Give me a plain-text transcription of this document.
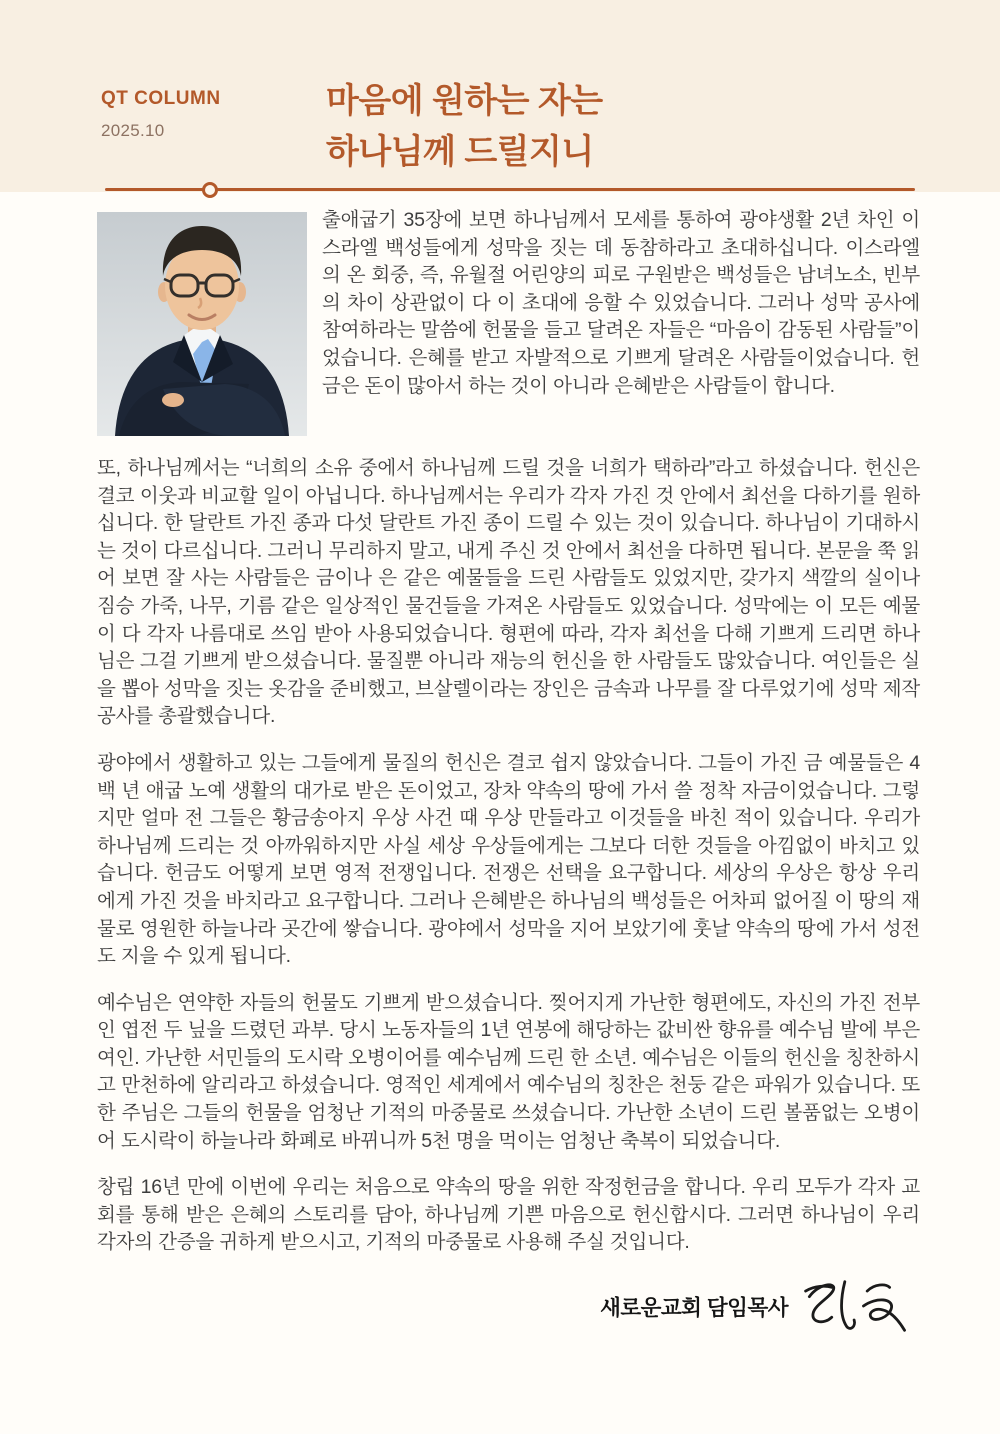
QT COLUMN
2025.10
마음에 원하는 자는
하나님께 드릴지니

출애굽기 35장에 보면 하나님께서 모세를 통하여 광야생활 2년 차인 이스라엘 백성들에게 성막을 짓는 데 동참하라고 초대하십니다. 이스라엘의 온 회중, 즉, 유월절 어린양의 피로 구원받은 백성들은 남녀노소, 빈부의 차이 상관없이 다 이 초대에 응할 수 있었습니다. 그러나 성막 공사에 참여하라는 말씀에 헌물을 들고 달려온 자들은 “마음이 감동된 사람들”이었습니다. 은혜를 받고 자발적으로 기쁘게 달려온 사람들이었습니다. 헌금은 돈이 많아서 하는 것이 아니라 은혜받은 사람들이 합니다.

또, 하나님께서는 “너희의 소유 중에서 하나님께 드릴 것을 너희가 택하라”라고 하셨습니다. 헌신은 결코 이웃과 비교할 일이 아닙니다. 하나님께서는 우리가 각자 가진 것 안에서 최선을 다하기를 원하십니다. 한 달란트 가진 종과 다섯 달란트 가진 종이 드릴 수 있는 것이 있습니다. 하나님이 기대하시는 것이 다르십니다. 그러니 무리하지 말고, 내게 주신 것 안에서 최선을 다하면 됩니다. 본문을 쭉 읽어 보면 잘 사는 사람들은 금이나 은 같은 예물들을 드린 사람들도 있었지만, 갖가지 색깔의 실이나 짐승 가죽, 나무, 기름 같은 일상적인 물건들을 가져온 사람들도 있었습니다. 성막에는 이 모든 예물이 다 각자 나름대로 쓰임 받아 사용되었습니다. 형편에 따라, 각자 최선을 다해 기쁘게 드리면 하나님은 그걸 기쁘게 받으셨습니다. 물질뿐 아니라 재능의 헌신을 한 사람들도 많았습니다. 여인들은 실을 뽑아 성막을 짓는 옷감을 준비했고, 브살렐이라는 장인은 금속과 나무를 잘 다루었기에 성막 제작 공사를 총괄했습니다.

광야에서 생활하고 있는 그들에게 물질의 헌신은 결코 쉽지 않았습니다. 그들이 가진 금 예물들은 4백 년 애굽 노예 생활의 대가로 받은 돈이었고, 장차 약속의 땅에 가서 쓸 정착 자금이었습니다. 그렇지만 얼마 전 그들은 황금송아지 우상 사건 때 우상 만들라고 이것들을 바친 적이 있습니다. 우리가 하나님께 드리는 것 아까워하지만 사실 세상 우상들에게는 그보다 더한 것들을 아낌없이 바치고 있습니다. 헌금도 어떻게 보면 영적 전쟁입니다. 전쟁은 선택을 요구합니다. 세상의 우상은 항상 우리에게 가진 것을 바치라고 요구합니다. 그러나 은혜받은 하나님의 백성들은 어차피 없어질 이 땅의 재물로 영원한 하늘나라 곳간에 쌓습니다. 광야에서 성막을 지어 보았기에 훗날 약속의 땅에 가서 성전도 지을 수 있게 됩니다.

예수님은 연약한 자들의 헌물도 기쁘게 받으셨습니다. 찢어지게 가난한 형편에도, 자신의 가진 전부인 엽전 두 닢을 드렸던 과부. 당시 노동자들의 1년 연봉에 해당하는 값비싼 향유를 예수님 발에 부은 여인. 가난한 서민들의 도시락 오병이어를 예수님께 드린 한 소년. 예수님은 이들의 헌신을 칭찬하시고 만천하에 알리라고 하셨습니다. 영적인 세계에서 예수님의 칭찬은 천둥 같은 파워가 있습니다. 또한 주님은 그들의 헌물을 엄청난 기적의 마중물로 쓰셨습니다. 가난한 소년이 드린 볼품없는 오병이어 도시락이 하늘나라 화폐로 바뀌니까 5천 명을 먹이는 엄청난 축복이 되었습니다.

창립 16년 만에 이번에 우리는 처음으로 약속의 땅을 위한 작정헌금을 합니다. 우리 모두가 각자 교회를 통해 받은 은혜의 스토리를 담아, 하나님께 기쁜 마음으로 헌신합시다. 그러면 하나님이 우리 각자의 간증을 귀하게 받으시고, 기적의 마중물로 사용해 주실 것입니다.

새로운교회 담임목사
